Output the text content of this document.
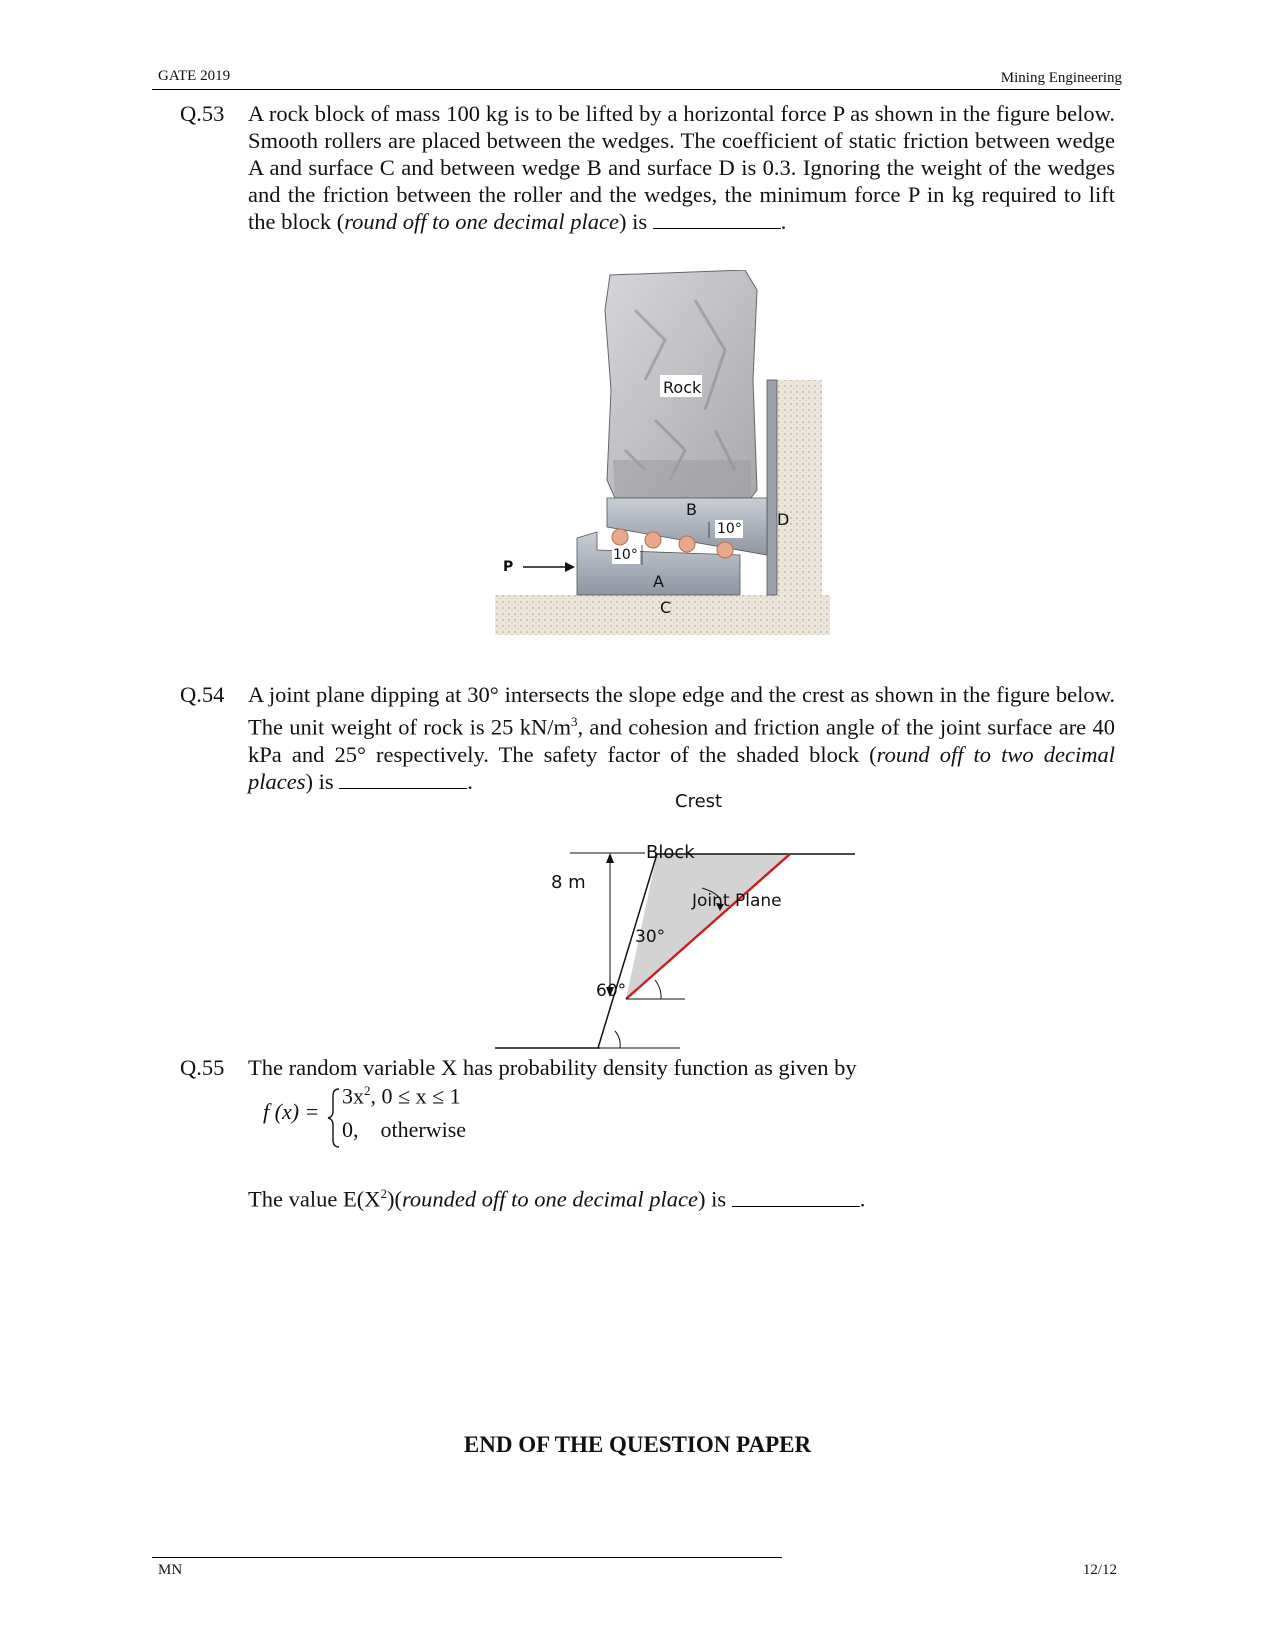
GATE 2019	Mining Engineering
Q.53 A rock block of mass 100 kg is to be lifted by a horizontal force P as shown in the figure below. Smooth rollers are placed between the wedges. The coefficient of static friction between wedge A and surface C and between wedge B and surface D is 0.3. Ignoring the weight of the wedges and the friction between the roller and the wedges, the minimum force P in kg required to lift the block (round off to one decimal place) is	.
Rock
B
D
10°
10°
P
A
C
Q.54 A joint plane dipping at 30° intersects the slope edge and the crest as shown in the figure below. The unit weight of rock is 25 $kN/m^3$, and cohesion and friction angle of the joint surface are 40 kPa and 25° respectively. The safety factor of the shaded block (round off to two decimal places) is	.
Crest
Block
8 m
Joint Plane
30°
60°
Q.55 The random variable X has probability density function as given by
f (x) =
$3x^2$, 0 ≤ x ≤ 1
0, otherwise
The value $E(X^2)(rounded$ off to one decimal place) is	.
END OF THE QUESTION PAPER
MN	12/12
